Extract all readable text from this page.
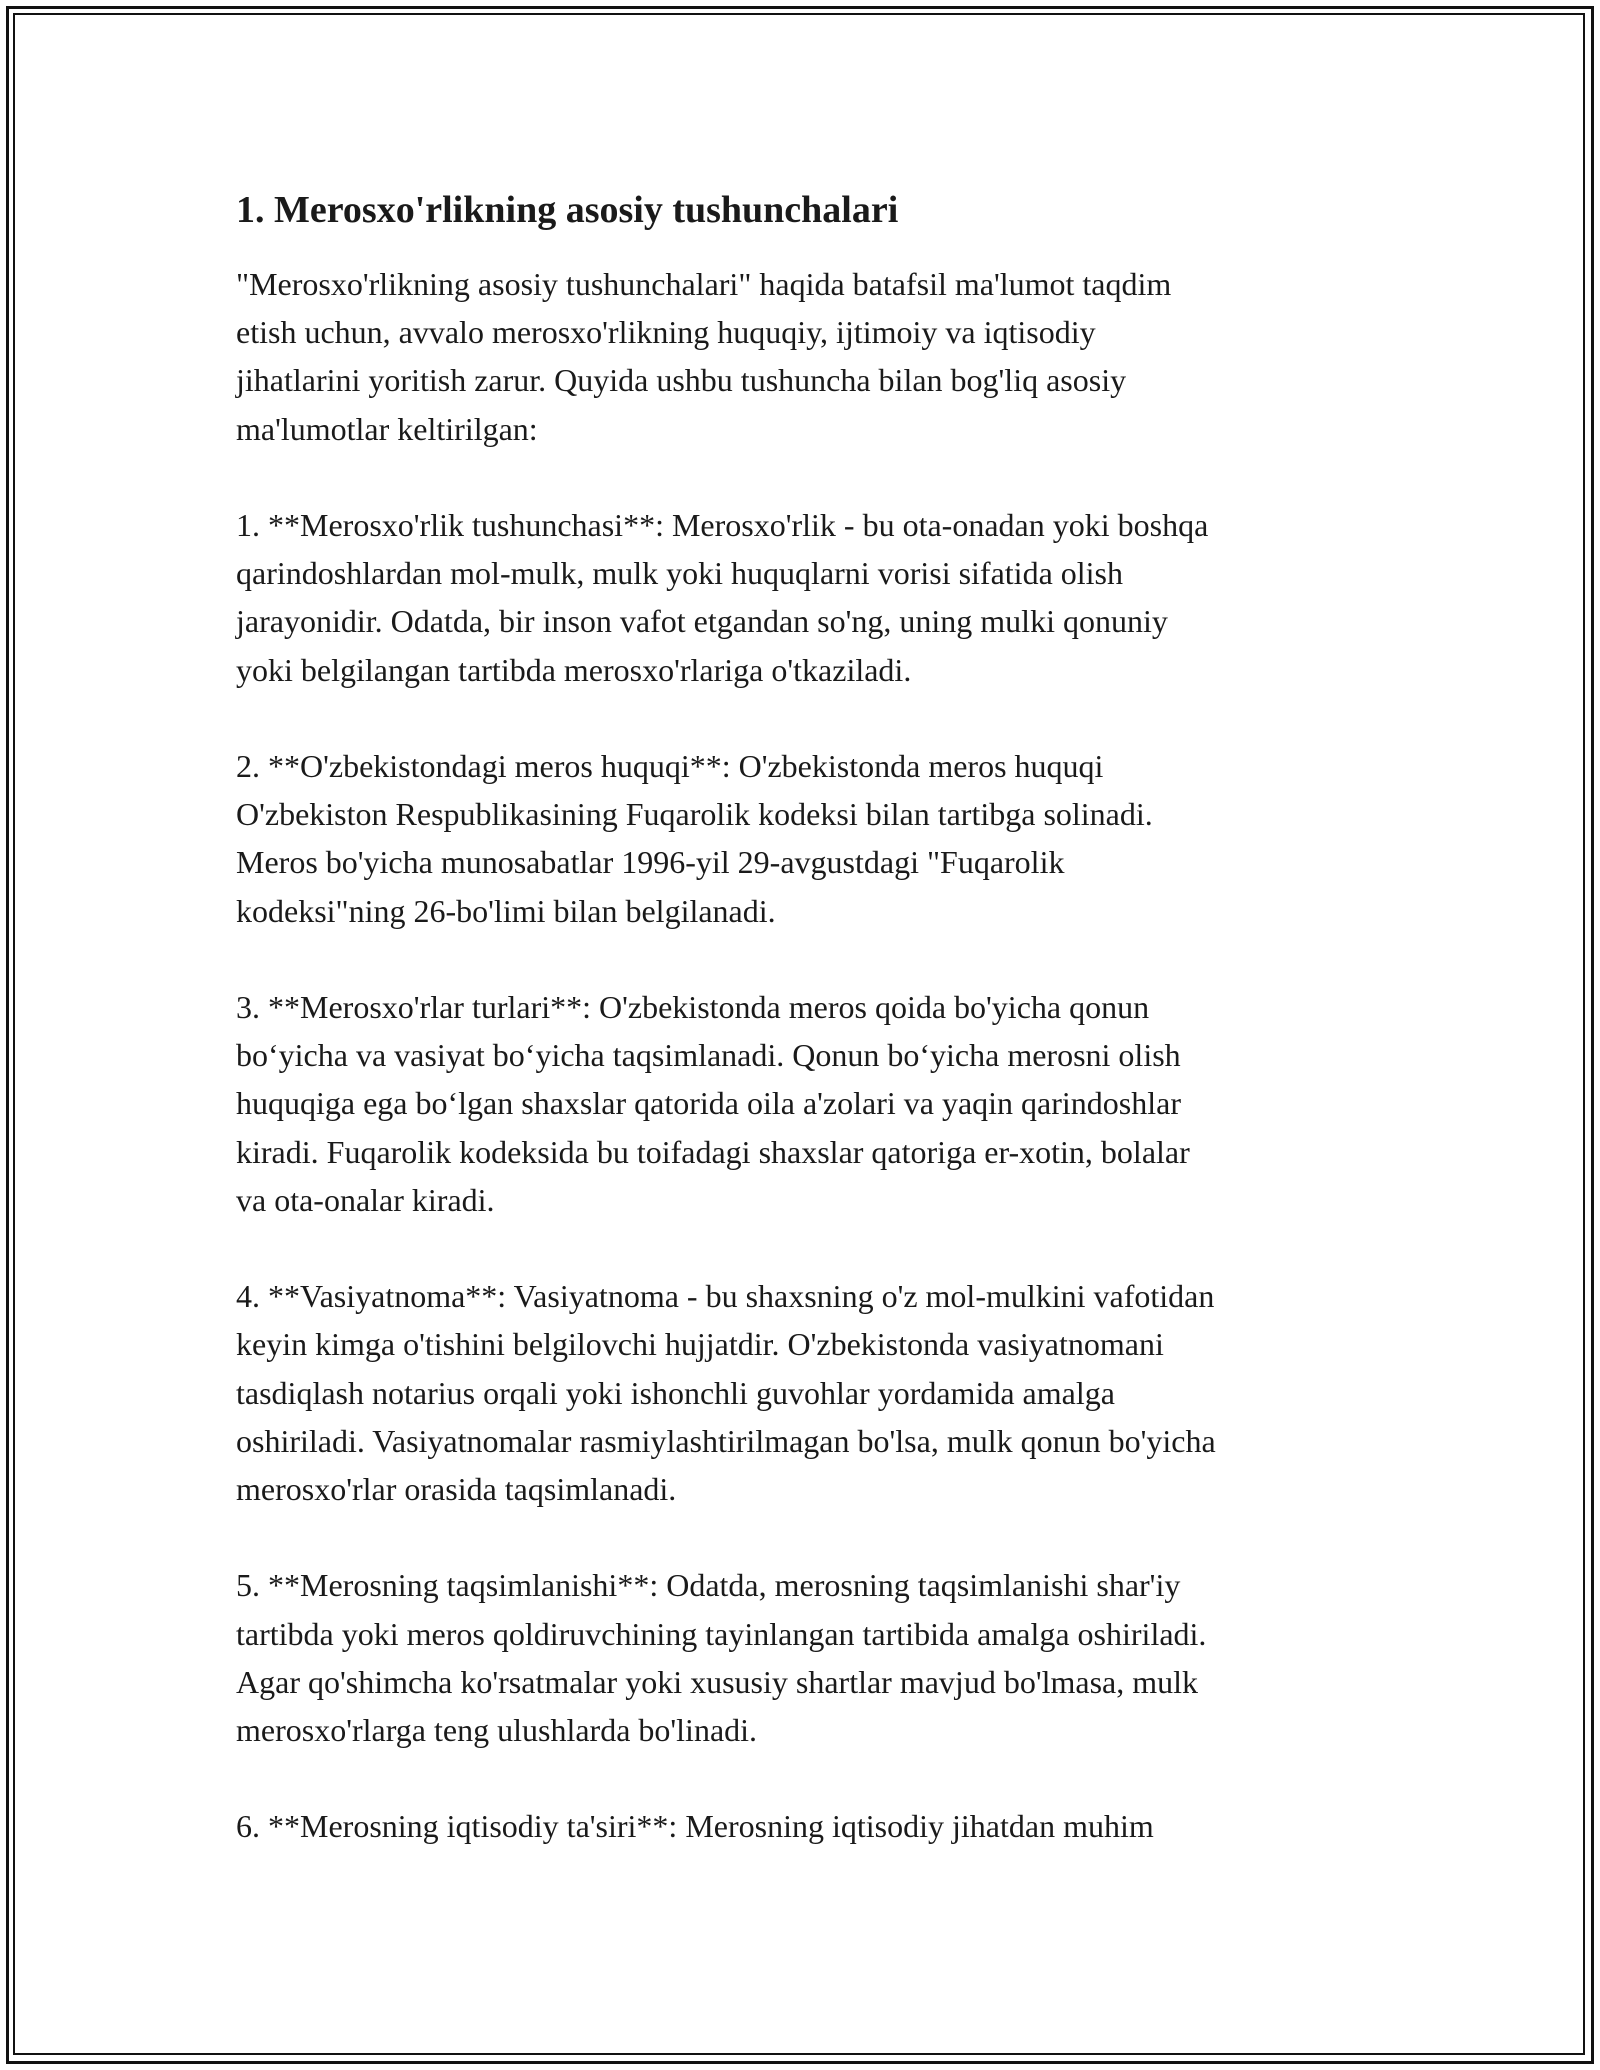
1. Merosxo'rlikning asosiy tushunchalari
"Merosxo'rlikning asosiy tushunchalari" haqida batafsil ma'lumot taqdim
etish uchun, avvalo merosxo'rlikning huquqiy, ijtimoiy va iqtisodiy
jihatlarini yoritish zarur. Quyida ushbu tushuncha bilan bog'liq asosiy
ma'lumotlar keltirilgan:
1. **Merosxo'rlik tushunchasi**: Merosxo'rlik - bu ota-onadan yoki boshqa
qarindoshlardan mol-mulk, mulk yoki huquqlarni vorisi sifatida olish
jarayonidir. Odatda, bir inson vafot etgandan so'ng, uning mulki qonuniy
yoki belgilangan tartibda merosxo'rlariga o'tkaziladi.
2. **O'zbekistondagi meros huquqi**: O'zbekistonda meros huquqi
O'zbekiston Respublikasining Fuqarolik kodeksi bilan tartibga solinadi.
Meros bo'yicha munosabatlar 1996-yil 29-avgustdagi "Fuqarolik
kodeksi"ning 26-bo'limi bilan belgilanadi.
3. **Merosxo'rlar turlari**: O'zbekistonda meros qoida bo'yicha qonun
bo‘yicha va vasiyat bo‘yicha taqsimlanadi. Qonun bo‘yicha merosni olish
huquqiga ega bo‘lgan shaxslar qatorida oila a'zolari va yaqin qarindoshlar
kiradi. Fuqarolik kodeksida bu toifadagi shaxslar qatoriga er-xotin, bolalar
va ota-onalar kiradi.
4. **Vasiyatnoma**: Vasiyatnoma - bu shaxsning o'z mol-mulkini vafotidan
keyin kimga o'tishini belgilovchi hujjatdir. O'zbekistonda vasiyatnomani
tasdiqlash notarius orqali yoki ishonchli guvohlar yordamida amalga
oshiriladi. Vasiyatnomalar rasmiylashtirilmagan bo'lsa, mulk qonun bo'yicha
merosxo'rlar orasida taqsimlanadi.
5. **Merosning taqsimlanishi**: Odatda, merosning taqsimlanishi shar'iy
tartibda yoki meros qoldiruvchining tayinlangan tartibida amalga oshiriladi.
Agar qo'shimcha ko'rsatmalar yoki xususiy shartlar mavjud bo'lmasa, mulk
merosxo'rlarga teng ulushlarda bo'linadi.
6. **Merosning iqtisodiy ta'siri**: Merosning iqtisodiy jihatdan muhim
